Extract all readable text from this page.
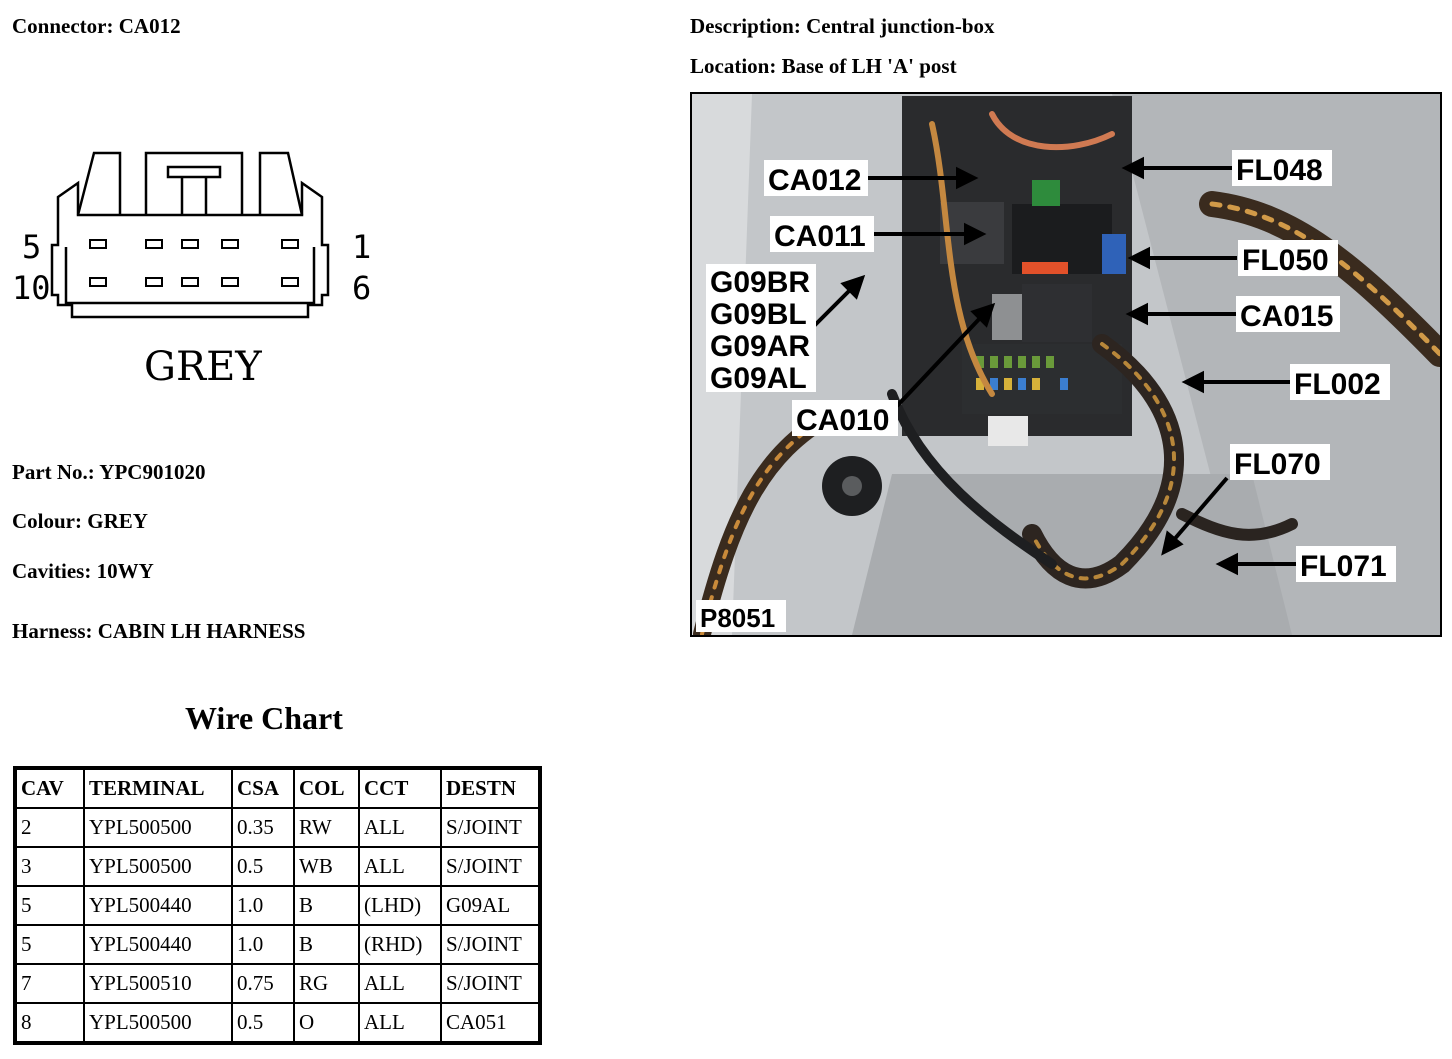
Connector: CA012	Description: Central junction-box
Location: Base of LH 'A' post
5
10
1
6
GREY
Part No.: YPC901020
Colour: GREY
Cavities: 10WY
Harness: CABIN LH HARNESS
Wire Chart
CAV	TERMINAL	CSA	COL	CCT	DESTN
2	YPL500500	0.35	RW	ALL	S/JOINT
3	YPL500500	0.5	WB	ALL	S/JOINT
5	YPL500440	1.0	B	(LHD)	G09AL
5	YPL500440	1.0	B	(RHD)	S/JOINT
7	YPL500510	0.75	RG	ALL	S/JOINT
8	YPL500500	0.5	O	ALL	CA051
CA012
CA011
G09BR
G09BL
G09AR
G09AL
CA010
FL048
FL050
CA015
FL002
FL070
FL071
P8051
